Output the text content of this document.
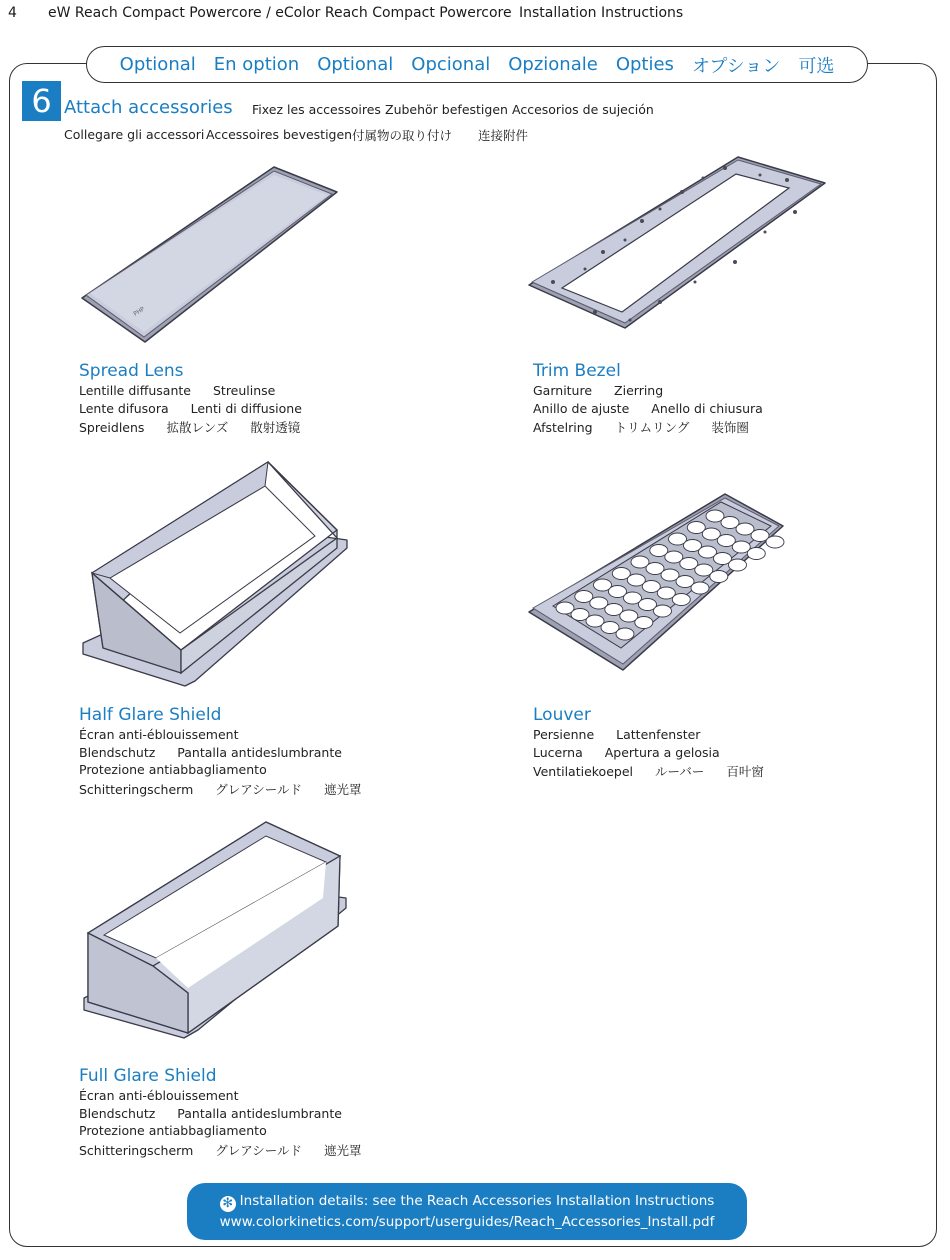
4 eW Reach Compact Powercore / eColor Reach Compact Powercore Installation Instructions
Optional En option Optional Opcional Opzionale Opties オプション 可选
6 Attach accessories Fixez les accessoires Zubehör befestigen Accesorios de sujeción
Collegare gli accessori Accessoires bevestigen 付属物の取り付け 连接附件
PHP
Spread Lens
Lentille diffusante Streulinse
Lente difusora Lenti di diffusione
Spreidlens 拡散レンズ 散射透镜
Trim Bezel
Garniture Zierring
Anillo de ajuste Anello di chiusura
Afstelring トリムリング 装饰圈
Half Glare Shield
Écran anti-éblouissement
Blendschutz Pantalla antideslumbrante
Protezione antiabbagliamento
Schitteringscherm グレアシールド 遮光罩
Louver
Persienne Lattenfenster
Lucerna Apertura a gelosia
Ventilatiekoepel ルーバー 百叶窗
Full Glare Shield
Écran anti-éblouissement
Blendschutz Pantalla antideslumbrante
Protezione antiabbagliamento
Schitteringscherm グレアシールド 遮光罩
✻ Installation details: see the Reach Accessories Installation Instructions
www.colorkinetics.com/support/userguides/Reach_Accessories_Install.pdf
